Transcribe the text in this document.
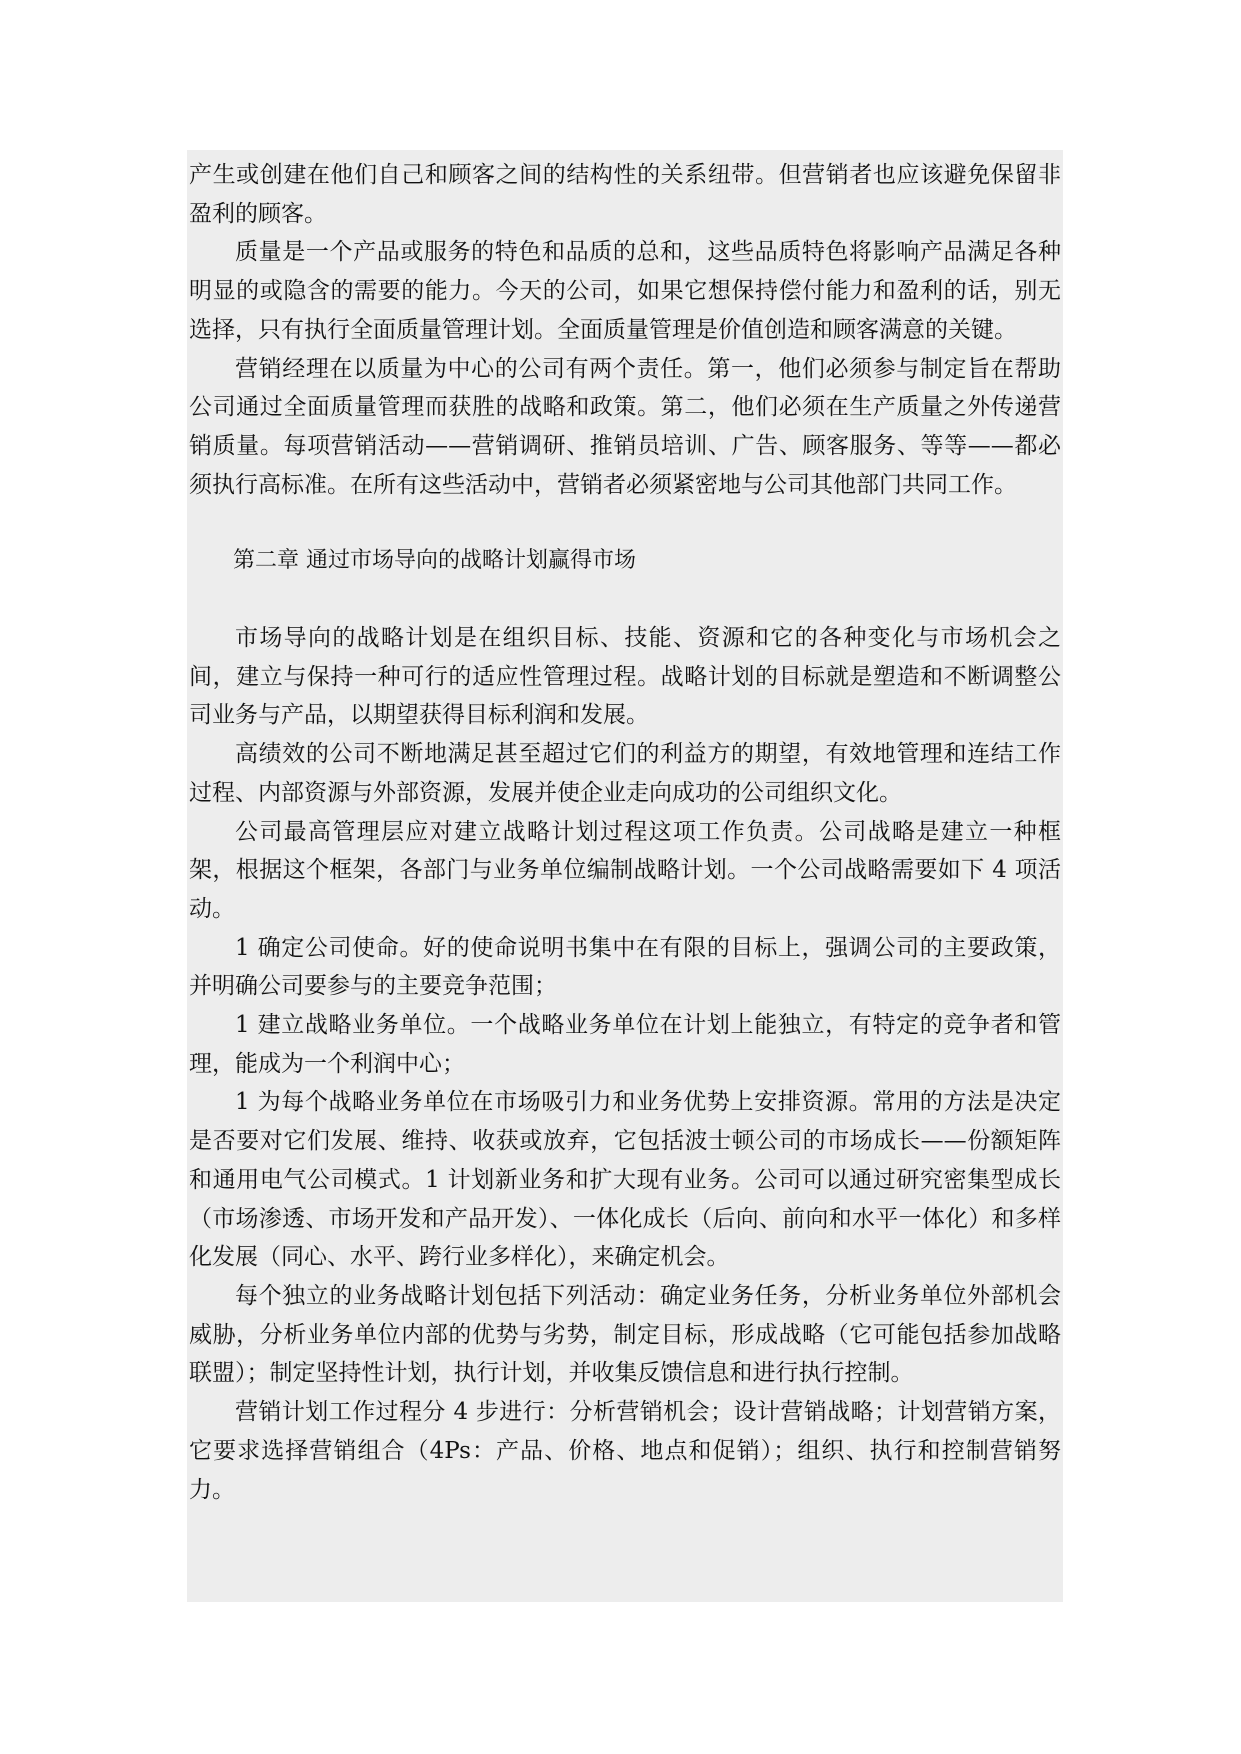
产生或创建在他们自己和顾客之间的结构性的关系纽带。但营销者也应该避免保留非盈利的顾客。

质量是一个产品或服务的特色和品质的总和，这些品质特色将影响产品满足各种明显的或隐含的需要的能力。今天的公司，如果它想保持偿付能力和盈利的话，别无选择，只有执行全面质量管理计划。全面质量管理是价值创造和顾客满意的关键。

营销经理在以质量为中心的公司有两个责任。第一，他们必须参与制定旨在帮助公司通过全面质量管理而获胜的战略和政策。第二，他们必须在生产质量之外传递营销质量。每项营销活动——营销调研、推销员培训、广告、顾客服务、等等——都必须执行高标准。在所有这些活动中，营销者必须紧密地与公司其他部门共同工作。

第二章 通过市场导向的战略计划赢得市场

市场导向的战略计划是在组织目标、技能、资源和它的各种变化与市场机会之间，建立与保持一种可行的适应性管理过程。战略计划的目标就是塑造和不断调整公司业务与产品，以期望获得目标利润和发展。

高绩效的公司不断地满足甚至超过它们的利益方的期望，有效地管理和连结工作过程、内部资源与外部资源，发展并使企业走向成功的公司组织文化。

公司最高管理层应对建立战略计划过程这项工作负责。公司战略是建立一种框架，根据这个框架，各部门与业务单位编制战略计划。一个公司战略需要如下 4 项活动。

1 确定公司使命。好的使命说明书集中在有限的目标上，强调公司的主要政策，并明确公司要参与的主要竞争范围；

1 建立战略业务单位。一个战略业务单位在计划上能独立，有特定的竞争者和管理，能成为一个利润中心；

1 为每个战略业务单位在市场吸引力和业务优势上安排资源。常用的方法是决定是否要对它们发展、维持、收获或放弃，它包括波士顿公司的市场成长——份额矩阵和通用电气公司模式。1 计划新业务和扩大现有业务。公司可以通过研究密集型成长（市场渗透、市场开发和产品开发）、一体化成长（后向、前向和水平一体化）和多样化发展（同心、水平、跨行业多样化），来确定机会。

每个独立的业务战略计划包括下列活动：确定业务任务，分析业务单位外部机会威胁，分析业务单位内部的优势与劣势，制定目标，形成战略（它可能包括参加战略联盟）；制定坚持性计划，执行计划，并收集反馈信息和进行执行控制。

营销计划工作过程分 4 步进行：分析营销机会；设计营销战略；计划营销方案，它要求选择营销组合（4Ps：产品、价格、地点和促销）；组织、执行和控制营销努力。
